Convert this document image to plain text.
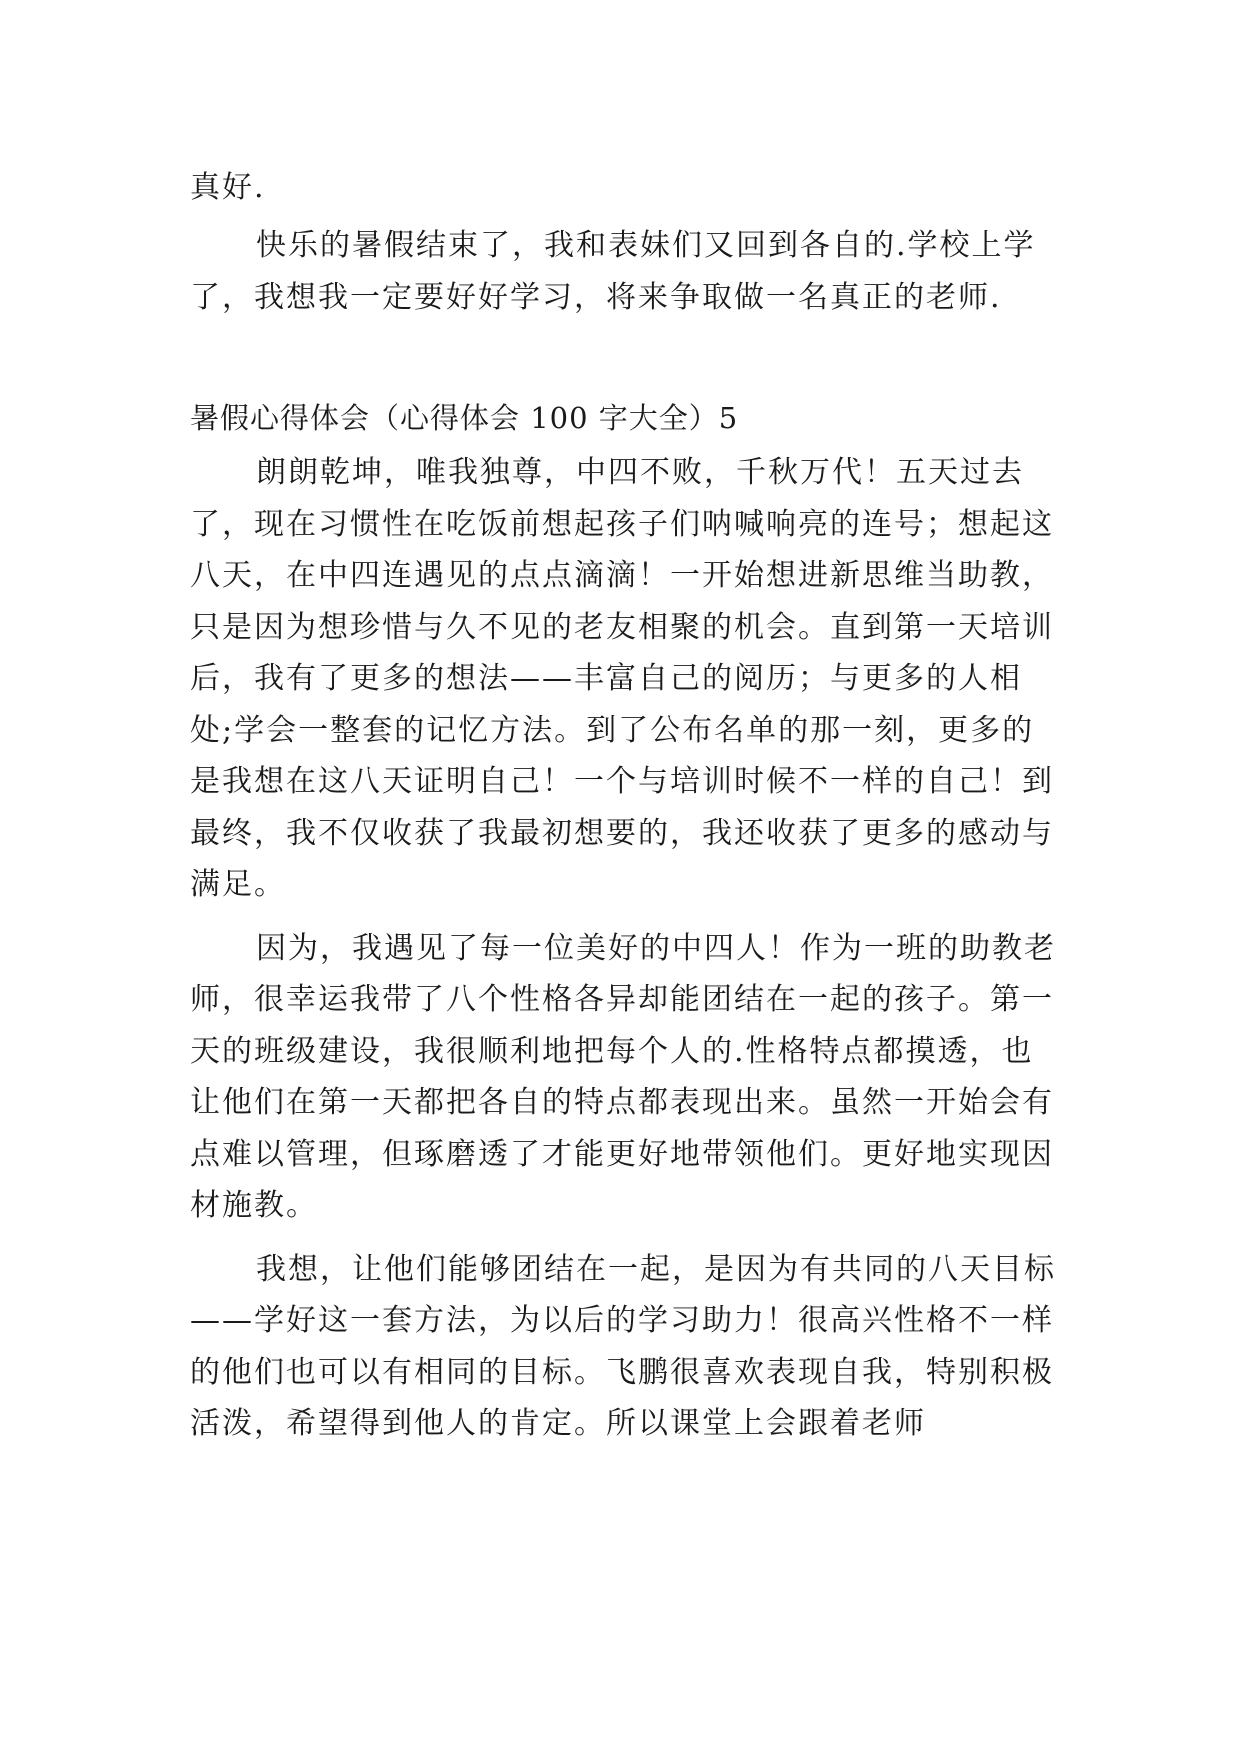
真好.

快乐的暑假结束了，我和表妹们又回到各自的.学校上学了，我想我一定要好好学习，将来争取做一名真正的老师.

暑假心得体会（心得体会 100 字大全）5

朗朗乾坤，唯我独尊，中四不败，千秋万代！五天过去了，现在习惯性在吃饭前想起孩子们呐喊响亮的连号；想起这八天，在中四连遇见的点点滴滴！一开始想进新思维当助教，只是因为想珍惜与久不见的老友相聚的机会。直到第一天培训后，我有了更多的想法——丰富自己的阅历；与更多的人相处;学会一整套的记忆方法。到了公布名单的那一刻，更多的是我想在这八天证明自己！一个与培训时候不一样的自己！到最终，我不仅收获了我最初想要的，我还收获了更多的感动与满足。

因为，我遇见了每一位美好的中四人！作为一班的助教老师，很幸运我带了八个性格各异却能团结在一起的孩子。第一天的班级建设，我很顺利地把每个人的.性格特点都摸透，也让他们在第一天都把各自的特点都表现出来。虽然一开始会有点难以管理，但琢磨透了才能更好地带领他们。更好地实现因材施教。

我想，让他们能够团结在一起，是因为有共同的八天目标——学好这一套方法，为以后的学习助力！很高兴性格不一样的他们也可以有相同的目标。飞鹏很喜欢表现自我，特别积极活泼，希望得到他人的肯定。所以课堂上会跟着老师
